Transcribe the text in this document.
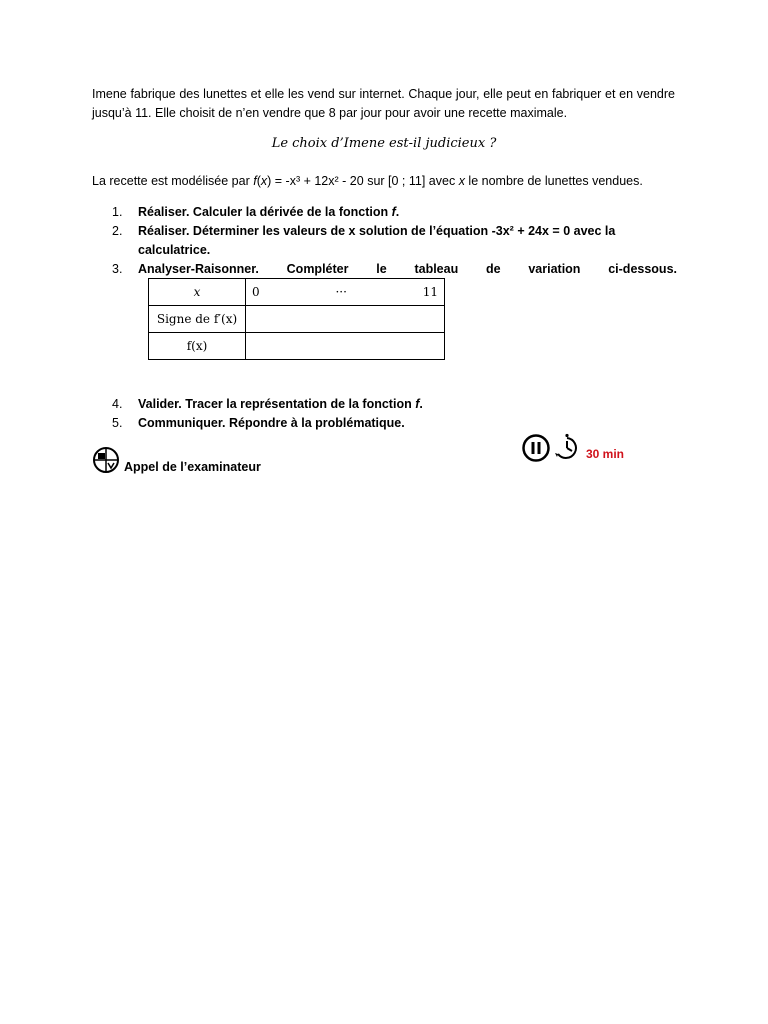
Imene fabrique des lunettes et elle les vend sur internet. Chaque jour, elle peut en fabriquer et en vendre jusqu’à 11. Elle choisit de n’en vendre que 8 par jour pour avoir une recette maximale.
Le choix d’Imene est-il judicieux ?
La recette est modélisée par f(x) = -x³ + 12x² - 20 sur [0 ; 11] avec x le nombre de lunettes vendues.
1.	Réaliser. Calculer la dérivée de la fonction f.
2.	Réaliser. Déterminer les valeurs de x solution de l’équation -3x² + 24x = 0 avec la calculatrice.
3.	Analyser-Raisonner. Compléter le tableau de variation ci-dessous.
x	0 ··· 11

Signe de f′(x)	
f(x)	
4.	Valider. Tracer la représentation de la fonction f.
5.	Communiquer. Répondre à la problématique.
Appel de l’examinateur
30 min
